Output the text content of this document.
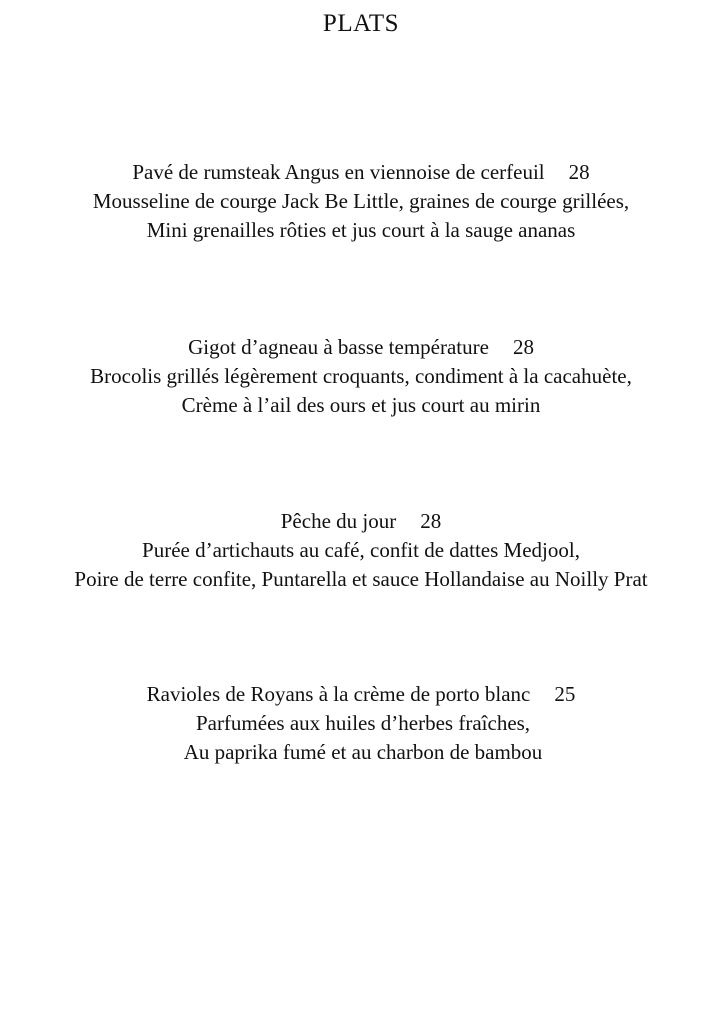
PLATS
Pavé de rumsteak Angus en viennoise de cerfeuil 28
Mousseline de courge Jack Be Little, graines de courge grillées,
Mini grenailles rôties et jus court à la sauge ananas
Gigot d’agneau à basse température 28
Brocolis grillés légèrement croquants, condiment à la cacahuète,
Crème à l’ail des ours et jus court au mirin
Pêche du jour 28
Purée d’artichauts au café, confit de dattes Medjool,
Poire de terre confite, Puntarella et sauce Hollandaise au Noilly Prat
Ravioles de Royans à la crème de porto blanc 25
Parfumées aux huiles d’herbes fraîches,
Au paprika fumé et au charbon de bambou
